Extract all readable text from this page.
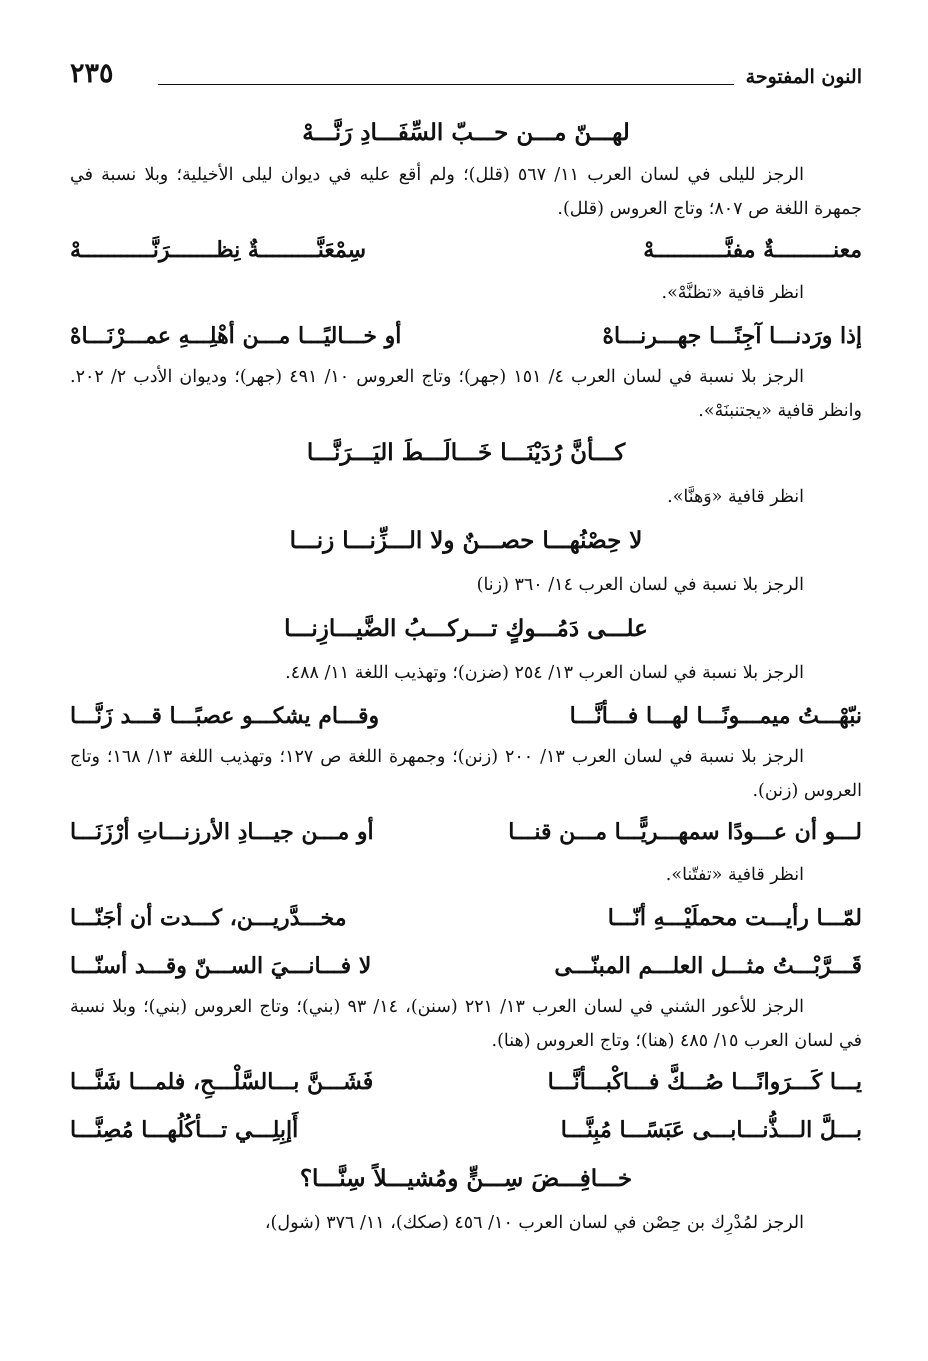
النون المفتوحة
٢٣٥
لهـــنّ مـــن حـــبّ السِّفَـــادِ رَنَّـــهْ

الرجز لليلى في لسان العرب ١١/ ٥٦٧ (قلل)؛ ولم أقع عليه في ديوان ليلى الأخيلية؛ وبلا نسبة في جمهرة اللغة ص ٨٠٧؛ وتاج العروس (قلل).

معنـــــــــةٌ مفنَّـــــــــــهْ
سِمْعَنَّـــــــــةٌ نِظـــــــرَنَّـــــــــــهْ

انظر قافية «تظنَّهْ».

إذا ورَدنـــا آجِنًـــا جهـــرنـــاهْ
أو خـــاليًـــا مـــن أهْلِـــهِ عمـــرْنَـــاهْ

الرجز بلا نسبة في لسان العرب ٤/ ١٥١ (جهر)؛ وتاج العروس ١٠/ ٤٩١ (جهر)؛ وديوان الأدب ٢/ ٢٠٢. وانظر قافية «يجتنبنَهْ».

كـــأنَّ رُدَيْنَـــا خَـــالَـــطَ اليَـــرَنَّـــا

انظر قافية «وَهنَّا».

لا حِصْنُهـــا حصـــنٌ ولا الـــزِّنـــا زنـــا

الرجز بلا نسبة في لسان العرب ١٤/ ٣٦٠ (زنا)

علـــى دَمُـــوكٍ تـــركـــبُ الضَّيـــازِنـــا

الرجز بلا نسبة في لسان العرب ١٣/ ٢٥٤ (ضزن)؛ وتهذيب اللغة ١١/ ٤٨٨.

نبّهْـــتُ ميمـــونًـــا لهـــا فـــأنَّـــا
وقـــام يشكـــو عصبًـــا قـــد زَنَّـــا

الرجز بلا نسبة في لسان العرب ١٣/ ٢٠٠ (زنن)؛ وجمهرة اللغة ص ١٢٧؛ وتهذيب اللغة ١٣/ ١٦٨؛ وتاج العروس (زنن).

لـــو أن عـــودًا سمهـــريًّـــا مـــن قنـــا
أو مـــن جيـــادِ الأرزنـــاتِ أرْزَنَـــا

انظر قافية «تفتّنا».

لمّـــا رأيـــت محملَيْـــهِ أنّـــا
مخـــدَّريـــن، كـــدت أن أجَنّـــا
قَـــرَّبْـــتُ مثـــل العلـــم المبنّـــى
لا فـــانـــيَ الســـنّ وقـــد أسنّـــا

الرجز للأعور الشني في لسان العرب ١٣/ ٢٢١ (سنن)، ١٤/ ٩٣ (بني)؛ وتاج العروس (بني)؛ وبلا نسبة في لسان العرب ١٥/ ٤٨٥ (هنا)؛ وتاج العروس (هنا).

يـــا كَـــرَوانًـــا صُـــكَّ فـــاكْبـــأنَّـــا
فَشَـــنَّ بـــالسَّلْـــحِ، فلمـــا شَنَّـــا
بـــلَّ الـــذُّنـــابـــى عَبَسًـــا مُبِنَّـــا
أَإبِلِـــي تـــأكُلُهـــا مُصِنَّـــا
خـــافِـــضَ سِـــنٍّ ومُشيـــلاً سِنَّـــا؟

الرجز لمُدْرِك بن حِصْن في لسان العرب ١٠/ ٤٥٦ (صكك)، ١١/ ٣٧٦ (شول)،
